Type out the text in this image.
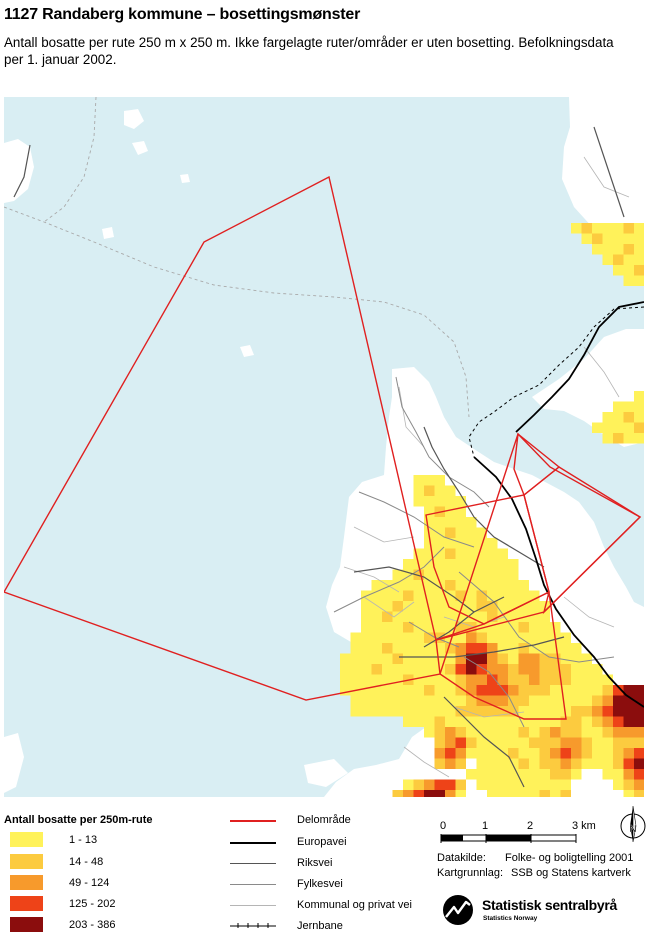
1127 Randaberg kommune – bosettingsmønster
Antall bosatte per rute 250 m x 250 m. Ikke fargelagte ruter/områder er uten bosetting. Befolkningsdata per 1. januar 2002.
Antall bosatte per 250m-rute
1 - 13
14 - 48
49 - 124
125 - 202
203 - 386
Delområde
Europavei
Riksvei
Fylkesvei
Kommunal og privat vei
Jernbane
0	1	2	3 km	N
Datakilde: Folke- og boligtelling 2001
Kartgrunnlag: SSB og Statens kartverk
Statistisk sentralbyrå
Statistics Norway
